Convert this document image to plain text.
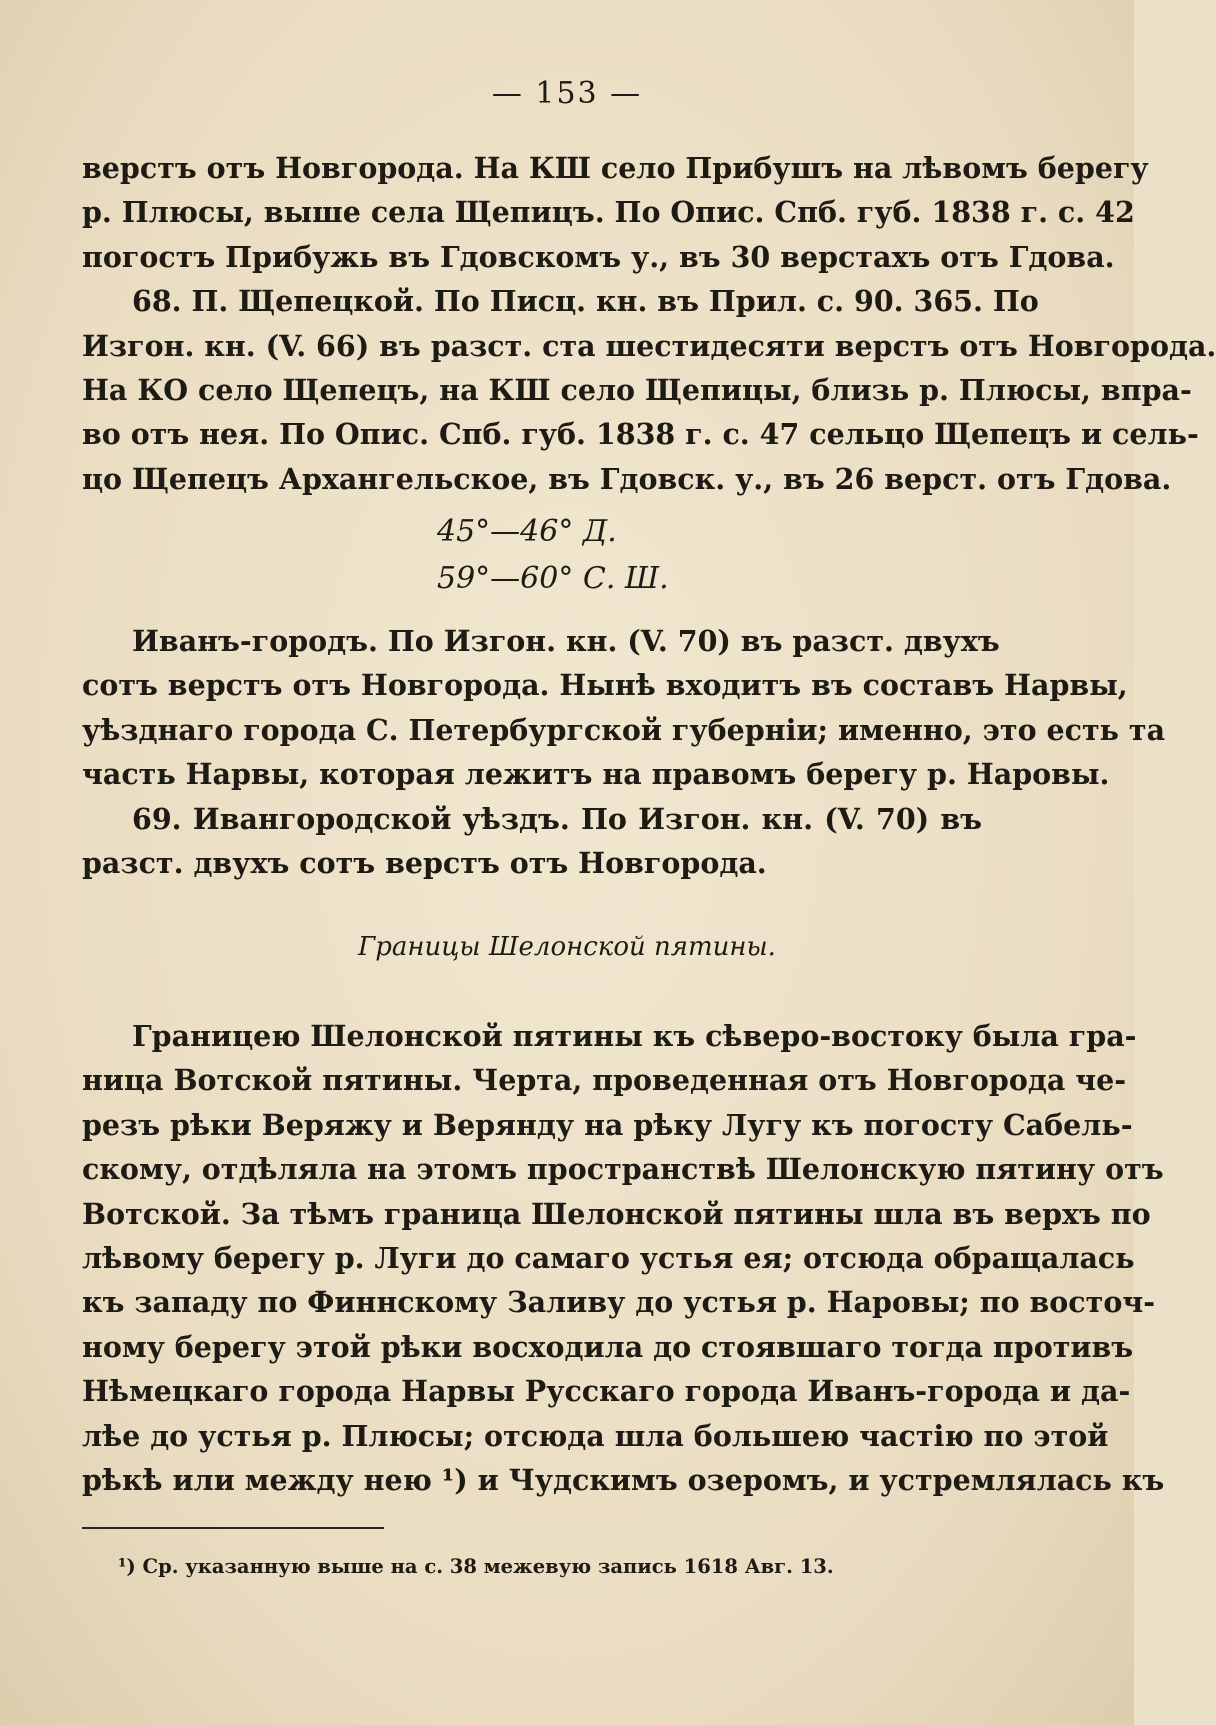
— 153 —
верстъ отъ Новгорода. На КШ село Прибушъ на лѣвомъ берегу
р. Плюсы, выше села Щепицъ. По Опис. Спб. губ. 1838 г. с. 42
погостъ Прибужь въ Гдовскомъ у., въ 30 верстахъ отъ Гдова.
68. П. Щепецкой. По Писц. кн. въ Прил. с. 90. 365. По
Изгон. кн. (V. 66) въ разст. ста шестидесяти верстъ отъ Новгорода.
На КО село Щепецъ, на КШ село Щепицы, близь р. Плюсы, впра-
во отъ нея. По Опис. Спб. губ. 1838 г. с. 47 сельцо Щепецъ и сель-
цо Щепецъ Архангельское, въ Гдовск. у., въ 26 верст. отъ Гдова.
45°—46° Д.
59°—60° С. Ш.
Иванъ-городъ. По Изгон. кн. (V. 70) въ разст. двухъ
сотъ верстъ отъ Новгорода. Нынѣ входитъ въ составъ Нарвы,
уѣзднаго города С. Петербургской губерніи; именно, это есть та
часть Нарвы, которая лежитъ на правомъ берегу р. Наровы.
69. Ивангородской уѣздъ. По Изгон. кн. (V. 70) въ
разст. двухъ сотъ верстъ отъ Новгорода.
Границы Шелонской пятины.
Границею Шелонской пятины къ сѣверо-востоку была гра-
ница Вотской пятины. Черта, проведенная отъ Новгорода че-
резъ рѣки Веряжу и Верянду на рѣку Лугу къ погосту Сабель-
скому, отдѣляла на этомъ пространствѣ Шелонскую пятину отъ
Вотской. За тѣмъ граница Шелонской пятины шла въ верхъ по
лѣвому берегу р. Луги до самаго устья ея; отсюда обращалась
къ западу по Финнскому Заливу до устья р. Наровы; по восточ-
ному берегу этой рѣки восходила до стоявшаго тогда противъ
Нѣмецкаго города Нарвы Русскаго города Иванъ-города и да-
лѣе до устья р. Плюсы; отсюда шла большею частію по этой
рѣкѣ или между нею ¹) и Чудскимъ озеромъ, и устремлялась къ
¹) Ср. указанную выше на с. 38 межевую запись 1618 Авг. 13.
